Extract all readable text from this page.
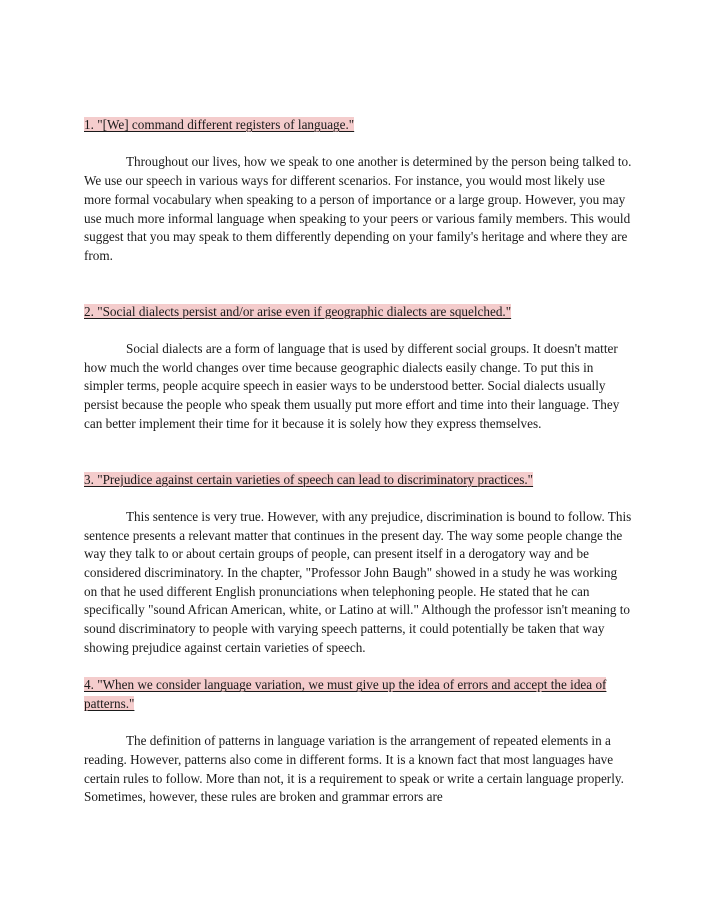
1. "[We] command different registers of language."

Throughout our lives, how we speak to one another is determined by the person being talked to. We use our speech in various ways for different scenarios. For instance, you would most likely use more formal vocabulary when speaking to a person of importance or a large group. However, you may use much more informal language when speaking to your peers or various family members. This would suggest that you may speak to them differently depending on your family's heritage and where they are from.

2. "Social dialects persist and/or arise even if geographic dialects are squelched."

Social dialects are a form of language that is used by different social groups. It doesn't matter how much the world changes over time because geographic dialects easily change. To put this in simpler terms, people acquire speech in easier ways to be understood better. Social dialects usually persist because the people who speak them usually put more effort and time into their language. They can better implement their time for it because it is solely how they express themselves.

3. "Prejudice against certain varieties of speech can lead to discriminatory practices."

This sentence is very true. However, with any prejudice, discrimination is bound to follow. This sentence presents a relevant matter that continues in the present day. The way some people change the way they talk to or about certain groups of people, can present itself in a derogatory way and be considered discriminatory. In the chapter, "Professor John Baugh" showed in a study he was working on that he used different English pronunciations when telephoning people. He stated that he can specifically "sound African American, white, or Latino at will." Although the professor isn't meaning to sound discriminatory to people with varying speech patterns, it could potentially be taken that way showing prejudice against certain varieties of speech.

4. "When we consider language variation, we must give up the idea of errors and accept the idea of patterns."

The definition of patterns in language variation is the arrangement of repeated elements in a reading. However, patterns also come in different forms. It is a known fact that most languages have certain rules to follow. More than not, it is a requirement to speak or write a certain language properly. Sometimes, however, these rules are broken and grammar errors are
